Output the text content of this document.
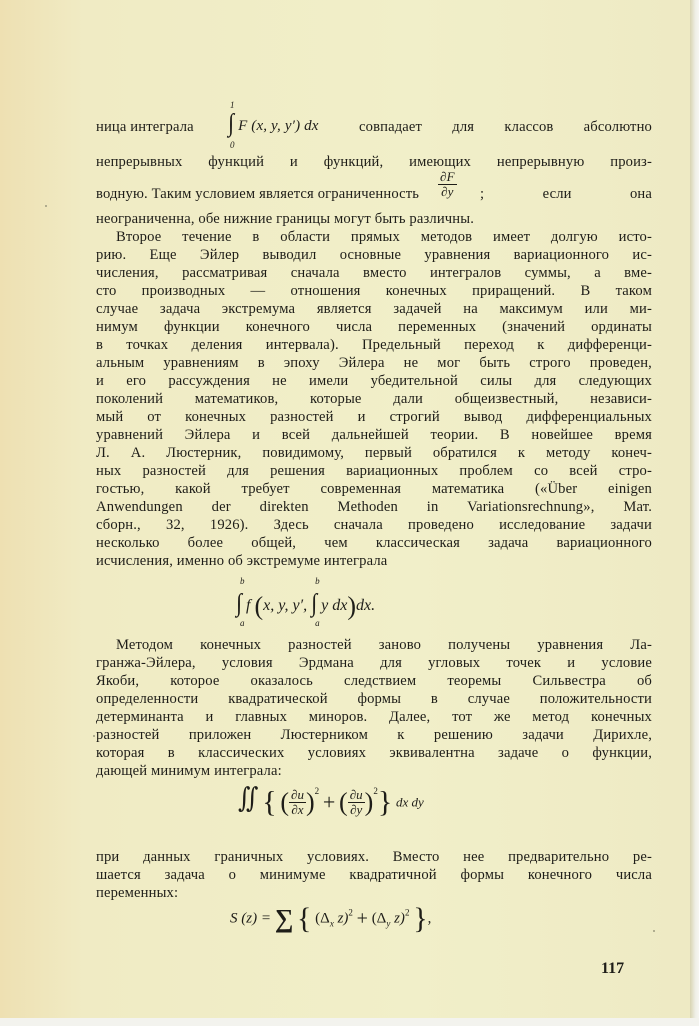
ница интеграла
1
∫
0
F (x, y, y′) dx	совпадает для классов абсолютно
непрерывных функций и функций, имеющих непрерывную произ-
водную. Таким условием является ограниченность	$\frac{\partial F}{\partial y}$ ; если она
неограниченна, обе нижние границы могут быть различны.
Второе течение в области прямых методов имеет долгую исто-
рию. Еще Эйлер выводил основные уравнения вариационного ис-
числения, рассматривая сначала вместо интегралов суммы, а вме-
сто производных — отношения конечных приращений. В таком
случае задача экстремума является задачей на максимум или ми-
нимум функции конечного числа переменных (значений ординаты
в точках деления интервала). Предельный переход к дифференци-
альным уравнениям в эпоху Эйлера не мог быть строго проведен,
и его рассуждения не имели убедительной силы для следующих
поколений математиков, которые дали общеизвестный, независи-
мый от конечных разностей и строгий вывод дифференциальных
уравнений Эйлера и всей дальнейшей теории. В новейшее время
Л. А. Люстерник, повидимому, первый обратился к методу конеч-
ных разностей для решения вариационных проблем со всей стро-
гостью, какой требует современная математика («Über einigen
Anwendungen der direkten Methoden in Variationsrechnung», Мат.
сборн., 32, 1926). Здесь сначала проведено исследование задачи
несколько более общей, чем классическая задача вариационного
исчисления, именно об экстремуме интеграла
b
∫
a
f (x, y, y′,
b
∫
a
y dx)dx.
Методом конечных разностей заново получены уравнения Ла-
гранжа-Эйлера, условия Эрдмана для угловых точек и условие
Якоби, которое оказалось следствием теоремы Сильвестра об
определенности квадратической формы в случае положительности
детерминанта и главных миноров. Далее, тот же метод конечных
разностей приложен Люстерником к решению задачи Дирихле,
которая в классических условиях эквивалентна задаче о функции,
дающей минимум интеграла:
∬ { ( $\frac{\partial u}{\partial x} )^2$ + ( $\frac{\partial u}{\partial y} )^2$} dx dy
при данных граничных условиях. Вместо нее предварительно ре-
шается задача о минимуме квадратичной формы конечного числа
переменных:
S (z) = ∑ { ($\Delta_x$ $z)^2 + (\Delta_y$ z)$^2$ },
117
